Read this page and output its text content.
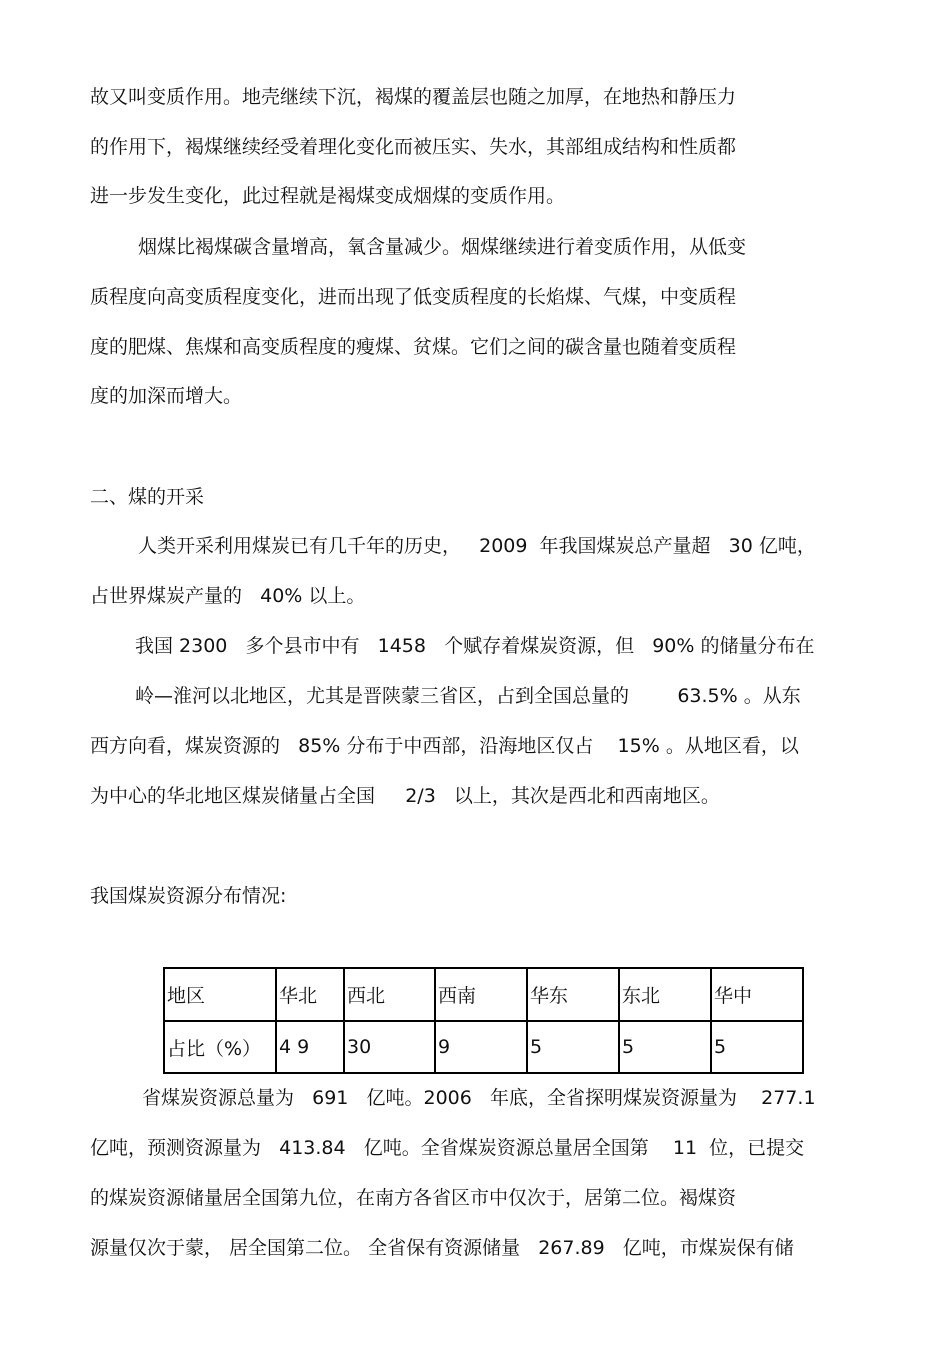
故又叫变质作用。地壳继续下沉，褐煤的覆盖层也随之加厚，在地热和静压力
的作用下，褐煤继续经受着理化变化而被压实、失水，其部组成结构和性质都
进一步发生变化，此过程就是褐煤变成烟煤的变质作用。
烟煤比褐煤碳含量增高，氧含量减少。烟煤继续进行着变质作用，从低变
质程度向高变质程度变化，进而出现了低变质程度的长焰煤、气煤，中变质程
度的肥煤、焦煤和高变质程度的瘦煤、贫煤。它们之间的碳含量也随着变质程
度的加深而增大。
二、煤的开采
人类开采利用煤炭已有几千年的历史，   2009  年我国煤炭总产量超   30 亿吨，
占世界煤炭产量的   40% 以上。
我国 2300   多个县市中有   1458   个赋存着煤炭资源，但   90% 的储量分布在
岭—淮河以北地区，尤其是晋陕蒙三省区，占到全国总量的        63.5% 。从东
西方向看，煤炭资源的   85% 分布于中西部，沿海地区仅占    15% 。从地区看，以
为中心的华北地区煤炭储量占全国     2/3   以上，其次是西北和西南地区。
我国煤炭资源分布情况:
地区	华北	西北	西南	华东	东北	华中
占比（%）	4 9	30	9	5	5	5
省煤炭资源总量为   691   亿吨。2006   年底，全省探明煤炭资源量为    277.1
亿吨，预测资源量为   413.84   亿吨。全省煤炭资源总量居全国第    11  位，已提交
的煤炭资源储量居全国第九位，在南方各省区市中仅次于，居第二位。褐煤资
源量仅次于蒙， 居全国第二位。 全省保有资源储量   267.89   亿吨，市煤炭保有储
